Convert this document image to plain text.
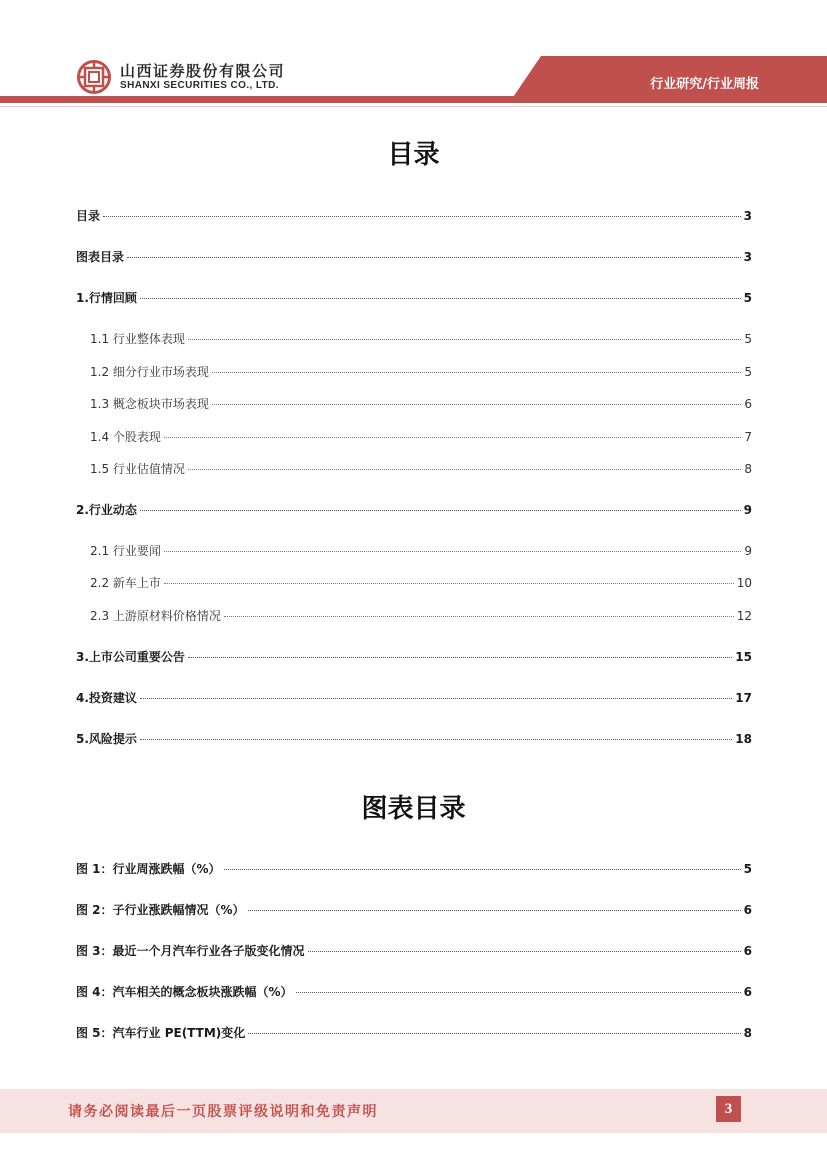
山西证券股份有限公司
SHANXI SECURITIES CO., LTD.	行业研究/行业周报
目录
目录	3
图表目录	3
1.行情回顾	5
1.1 行业整体表现	5
1.2 细分行业市场表现	5
1.3 概念板块市场表现	6
1.4 个股表现	7
1.5 行业估值情况	8
2.行业动态	9
2.1 行业要闻	9
2.2 新车上市	10
2.3 上游原材料价格情况	12
3.上市公司重要公告	15
4.投资建议	17
5.风险提示	18
图表目录
图 1：行业周涨跌幅（%）	5
图 2：子行业涨跌幅情况（%）	6
图 3：最近一个月汽车行业各子版变化情况	6
图 4：汽车相关的概念板块涨跌幅（%）	6
图 5：汽车行业 PE(TTM)变化	8
请务必阅读最后一页股票评级说明和免责声明	3
